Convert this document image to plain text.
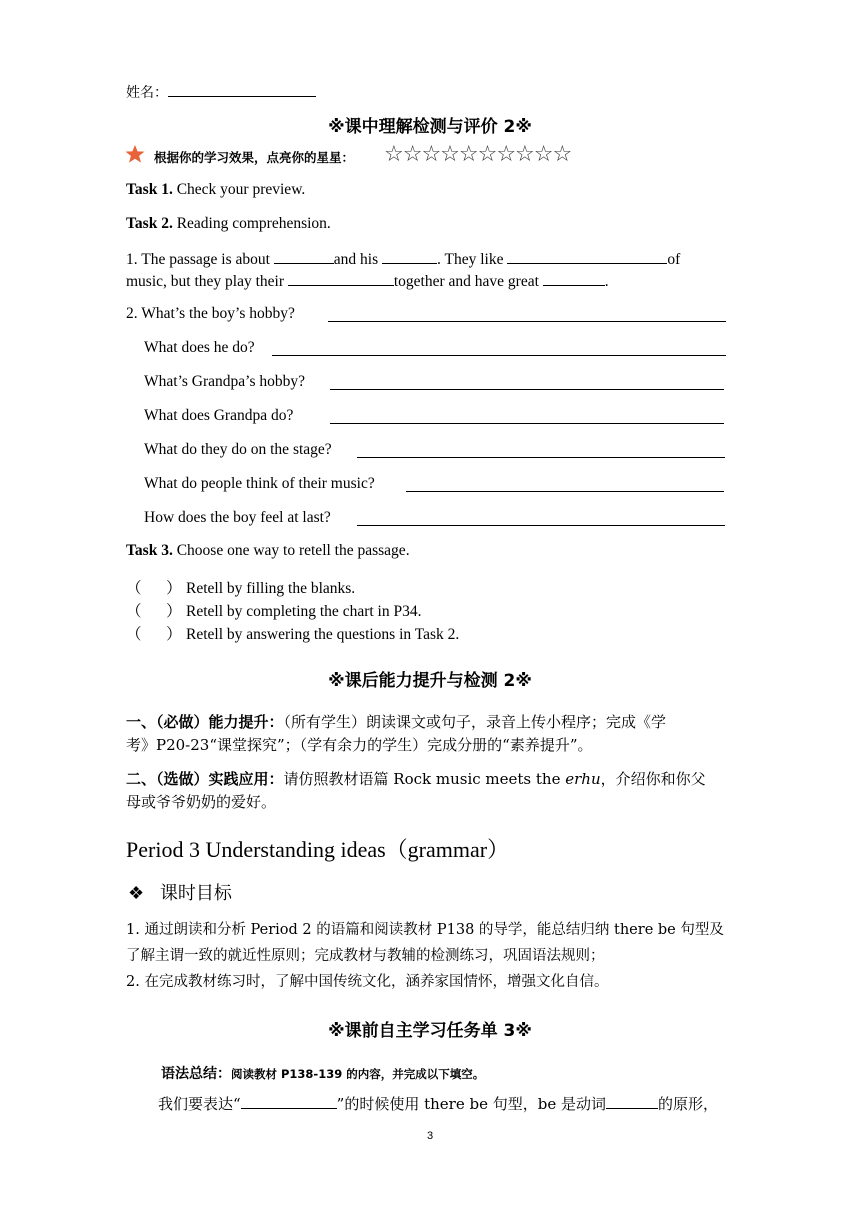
姓名：
※课中理解检测与评价 2※
根据你的学习效果，点亮你的星星： ☆☆☆☆☆☆☆☆☆☆
Task 1. Check your preview.
Task 2. Reading comprehension.
1. The passage is about	and his	. They like	of
music, but they play their	together and have great	.
2. What’s the boy’s hobby?
What does he do?
What’s Grandpa’s hobby?
What does Grandpa do?
What do they do on the stage?
What do people think of their music?
How does the boy feel at last?
Task 3. Choose one way to retell the passage.
（     ） Retell by filling the blanks.
（     ） Retell by completing the chart in P34.
（     ） Retell by answering the questions in Task 2.
※课后能力提升与检测 2※
一、（必做）能力提升：（所有学生）朗读课文或句子，录音上传小程序；完成《学
考》P20-23“课堂探究”；（学有余力的学生）完成分册的“素养提升”。
二、（选做）实践应用：请仿照教材语篇 Rock music meets the erhu，介绍你和你父
母或爷爷奶奶的爱好。
Period 3 Understanding ideas（grammar）
❖ 课时目标
1. 通过朗读和分析 Period 2 的语篇和阅读教材 P138 的导学，能总结归纳 there be 句型及
了解主谓一致的就近性原则；完成教材与教辅的检测练习，巩固语法规则；
2. 在完成教材练习时，了解中国传统文化，涵养家国情怀，增强文化自信。
※课前自主学习任务单 3※
语法总结：阅读教材 P138-139 的内容，并完成以下填空。
我们要表达“	”的时候使用 there be 句型，be 是动词	的原形，
3
